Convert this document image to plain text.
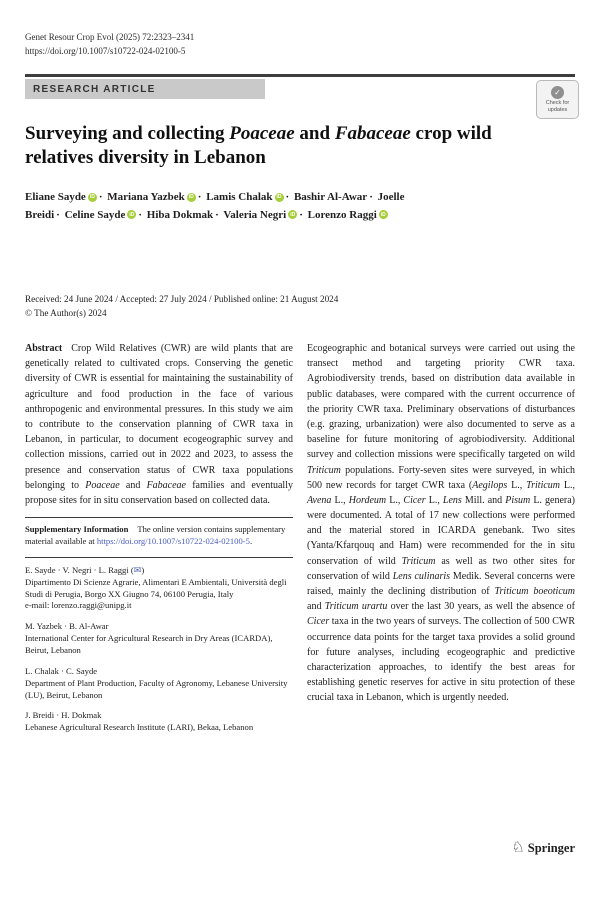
Genet Resour Crop Evol (2025) 72:2323–2341
https://doi.org/10.1007/s10722-024-02100-5
RESEARCH ARTICLE	✓
Check for
updates
Surveying and collecting Poaceae and Fabaceae crop wild relatives diversity in Lebanon
Eliane Sayde iD · Mariana Yazbek iD · Lamis Chalak iD · Bashir Al-Awar · Joelle Breidi · Celine Sayde iD · Hiba Dokmak · Valeria Negri iD · Lorenzo Raggi iD

Received: 24 June 2024 / Accepted: 27 July 2024 / Published online: 21 August 2024

© The Author(s) 2024

Abstract Crop Wild Relatives (CWR) are wild plants that are genetically related to cultivated crops. Conserving the genetic diversity of CWR is essential for maintaining the sustainability of agriculture and food production in the face of various anthropogenic and environmental pressures. In this study we aim to contribute to the conservation planning of CWR taxa in Lebanon, in particular, to document ecogeographic survey and collection missions, carried out in 2022 and 2023, to assess the presence and conservation status of CWR taxa populations belonging to Poaceae and Fabaceae families and eventually propose sites for in situ conservation based on collected data.

Supplementary Information The online version contains supplementary material available at https://doi.org/10.1007/s10722-024-02100-5.

E. Sayde · V. Negri · L. Raggi (✉)

Dipartimento Di Scienze Agrarie, Alimentari E Ambientali, Università degli Studi di Perugia, Borgo XX Giugno 74, 06100 Perugia, Italy

e-mail: lorenzo.raggi@unipg.it

M. Yazbek · B. Al-Awar

International Center for Agricultural Research in Dry Areas (ICARDA), Beirut, Lebanon

L. Chalak · C. Sayde

Department of Plant Production, Faculty of Agronomy, Lebanese University (LU), Beirut, Lebanon

J. Breidi · H. Dokmak

Lebanese Agricultural Research Institute (LARI), Bekaa, Lebanon

Ecogeographic and botanical surveys were carried out using the transect method and targeting priority CWR taxa. Agrobiodiversity trends, based on distribution data available in public databases, were compared with the current occurrence of the priority CWR taxa. Preliminary observations of disturbances (e.g. grazing, urbanization) were also documented to serve as a baseline for future monitoring of agrobiodiversity. Additional survey and collection missions were specifically targeted on wild Triticum populations. Forty-seven sites were surveyed, in which 500 new records for target CWR taxa (Aegilops L., Triticum L., Avena L., Hordeum L., Cicer L., Lens Mill. and Pisum L. genera) were documented. A total of 17 new collections were performed and the material stored in ICARDA genebank. Two sites (Yanta/Kfarqouq and Ham) were recommended for the in situ conservation of wild Triticum as well as two other sites for conservation of wild Lens culinaris Medik. Several concerns were raised, mainly the declining distribution of Triticum boeoticum and Triticum urartu over the last 30 years, as well the absence of Cicer taxa in the two years of surveys. The collection of 500 CWR occurrence data points for the target taxa provides a solid ground for future analyses, including ecogeographic and predictive characterization approaches, to identify the best areas for establishing genetic reserves for active in situ protection of these crucial taxa in Lebanon, which is urgently needed.

♘ Springer
